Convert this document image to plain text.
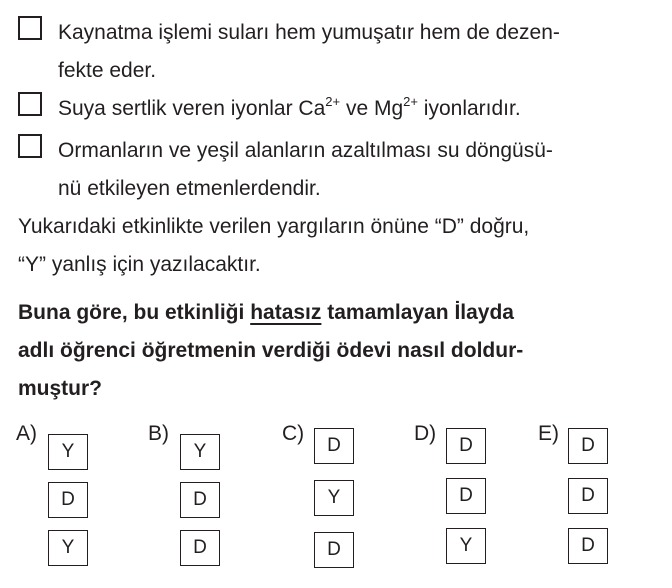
Kaynatma işlemi suları hem yumuşatır hem de dezen-
fekte eder.
Suya sertlik veren iyonlar $Ca^{2+}$ ve $Mg^{2+}$ iyonlarıdır.
Ormanların ve yeşil alanların azaltılması su döngüsü-
nü etkileyen etmenlerdendir.
Yukarıdaki etkinlikte verilen yargıların önüne “D” doğru,
“Y” yanlış için yazılacaktır.
Buna göre, bu etkinliği hatasız tamamlayan İlayda
adlı öğrenci öğretmenin verdiği ödevi nasıl doldur-
muştur?
A)
Y
D
Y
B)
Y
D
D
C)
D
Y
D
D)
D
D
Y
E)
D
D
D
